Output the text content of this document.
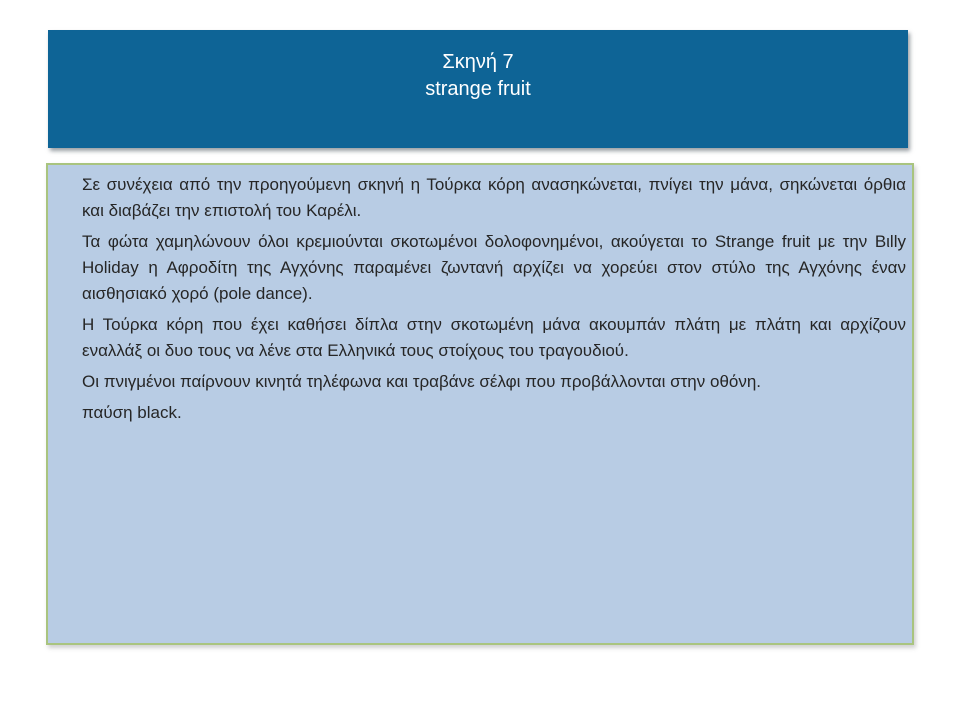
Σκηνή 7
strange fruit

Σε συνέχεια από την προηγούμενη σκηνή η Τούρκα κόρη ανασηκώνεται, πνίγει την μάνα, σηκώνεται όρθια και διαβάζει την επιστολή του Καρέλι.

Τα φώτα χαμηλώνουν όλοι κρεμιούνται σκοτωμένοι δολοφονημένοι, ακούγεται το Strange fruit με την Bιlly Holiday η Αφροδίτη της Αγχόνης παραμένει ζωντανή αρχίζει να χορεύει στον στύλο της Αγχόνης έναν αισθησιακό χορό (pole dance).

Η Τούρκα κόρη που έχει καθήσει δίπλα στην σκοτωμένη μάνα ακουμπάν πλάτη με πλάτη και αρχίζουν εναλλάξ οι δυο τους να λένε στα Ελληνικά τους στοίχους του τραγουδιού.

Οι πνιγμένοι παίρνουν κινητά τηλέφωνα και τραβάνε σέλφι που προβάλλονται στην οθόνη.

παύση black.
